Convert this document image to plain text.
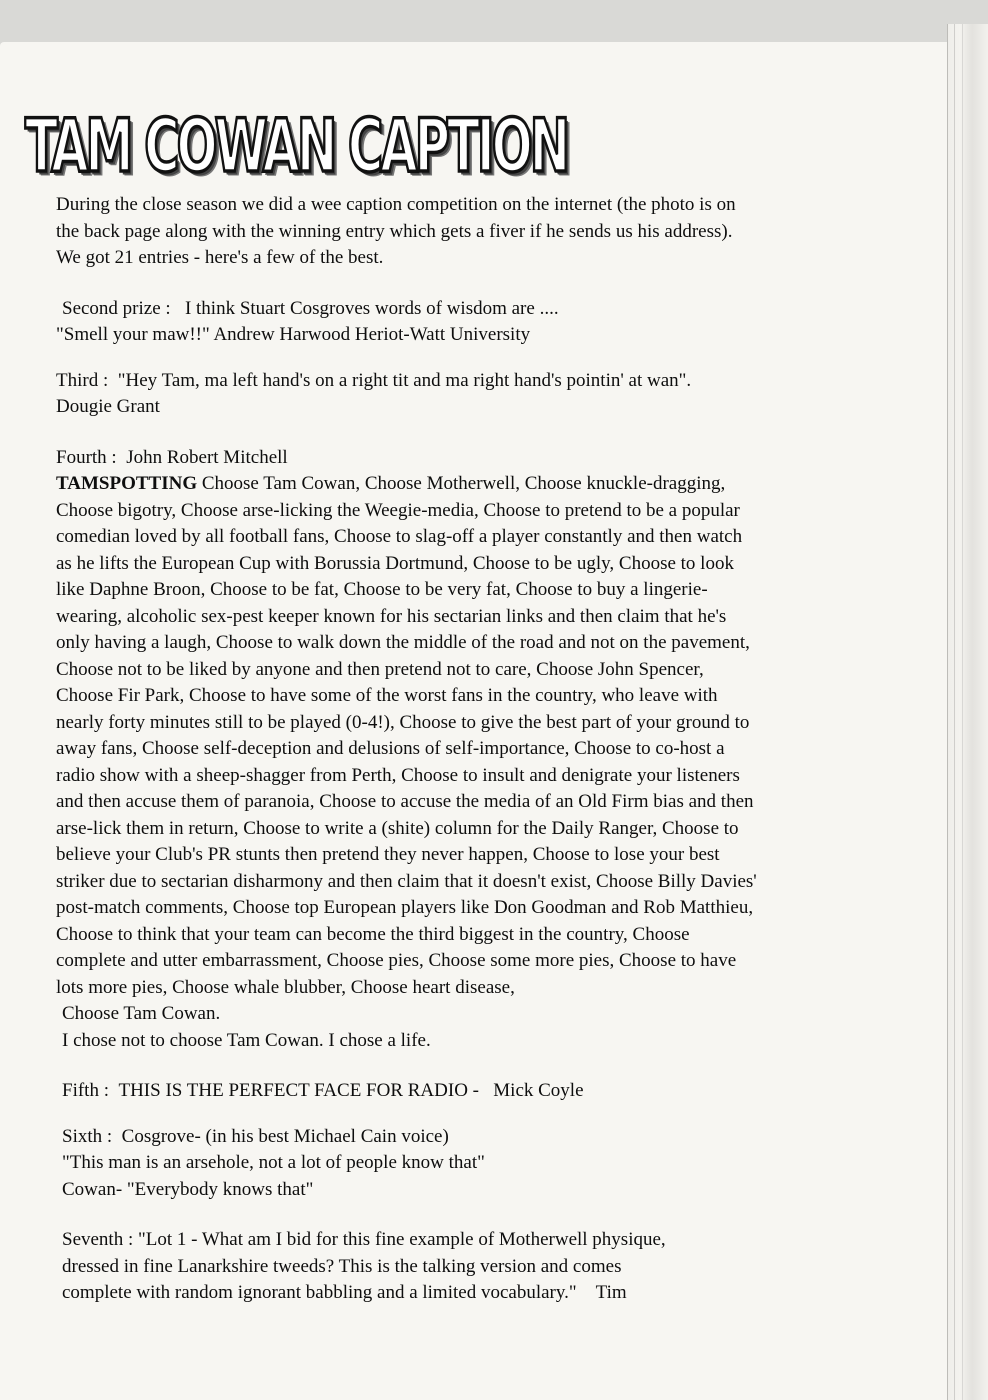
TAM COWAN CAPTION

During the close season we did a wee caption competition on the internet (the photo is on

the back page along with the winning entry which gets a fiver if he sends us his address).

We got 21 entries - here's a few of the best.

Second prize : I think Stuart Cosgroves words of wisdom are ....

"Smell your maw!!" Andrew Harwood Heriot-Watt University

Third : "Hey Tam, ma left hand's on a right tit and ma right hand's pointin' at wan".

Dougie Grant

Fourth : John Robert Mitchell

TAMSPOTTING Choose Tam Cowan, Choose Motherwell, Choose knuckle-dragging,

Choose bigotry, Choose arse-licking the Weegie-media, Choose to pretend to be a popular

comedian loved by all football fans, Choose to slag-off a player constantly and then watch

as he lifts the European Cup with Borussia Dortmund, Choose to be ugly, Choose to look

like Daphne Broon, Choose to be fat, Choose to be very fat, Choose to buy a lingerie-

wearing, alcoholic sex-pest keeper known for his sectarian links and then claim that he's

only having a laugh, Choose to walk down the middle of the road and not on the pavement,

Choose not to be liked by anyone and then pretend not to care, Choose John Spencer,

Choose Fir Park, Choose to have some of the worst fans in the country, who leave with

nearly forty minutes still to be played (0-4!), Choose to give the best part of your ground to

away fans, Choose self-deception and delusions of self-importance, Choose to co-host a

radio show with a sheep-shagger from Perth, Choose to insult and denigrate your listeners

and then accuse them of paranoia, Choose to accuse the media of an Old Firm bias and then

arse-lick them in return, Choose to write a (shite) column for the Daily Ranger, Choose to

believe your Club's PR stunts then pretend they never happen, Choose to lose your best

striker due to sectarian disharmony and then claim that it doesn't exist, Choose Billy Davies'

post-match comments, Choose top European players like Don Goodman and Rob Matthieu,

Choose to think that your team can become the third biggest in the country, Choose

complete and utter embarrassment, Choose pies, Choose some more pies, Choose to have

lots more pies, Choose whale blubber, Choose heart disease,

Choose Tam Cowan.

I chose not to choose Tam Cowan. I chose a life.

Fifth : THIS IS THE PERFECT FACE FOR RADIO - Mick Coyle

Sixth : Cosgrove- (in his best Michael Cain voice)

"This man is an arsehole, not a lot of people know that"

Cowan- "Everybody knows that"

Seventh : "Lot 1 - What am I bid for this fine example of Motherwell physique,

dressed in fine Lanarkshire tweeds? This is the talking version and comes

complete with random ignorant babbling and a limited vocabulary." Tim
